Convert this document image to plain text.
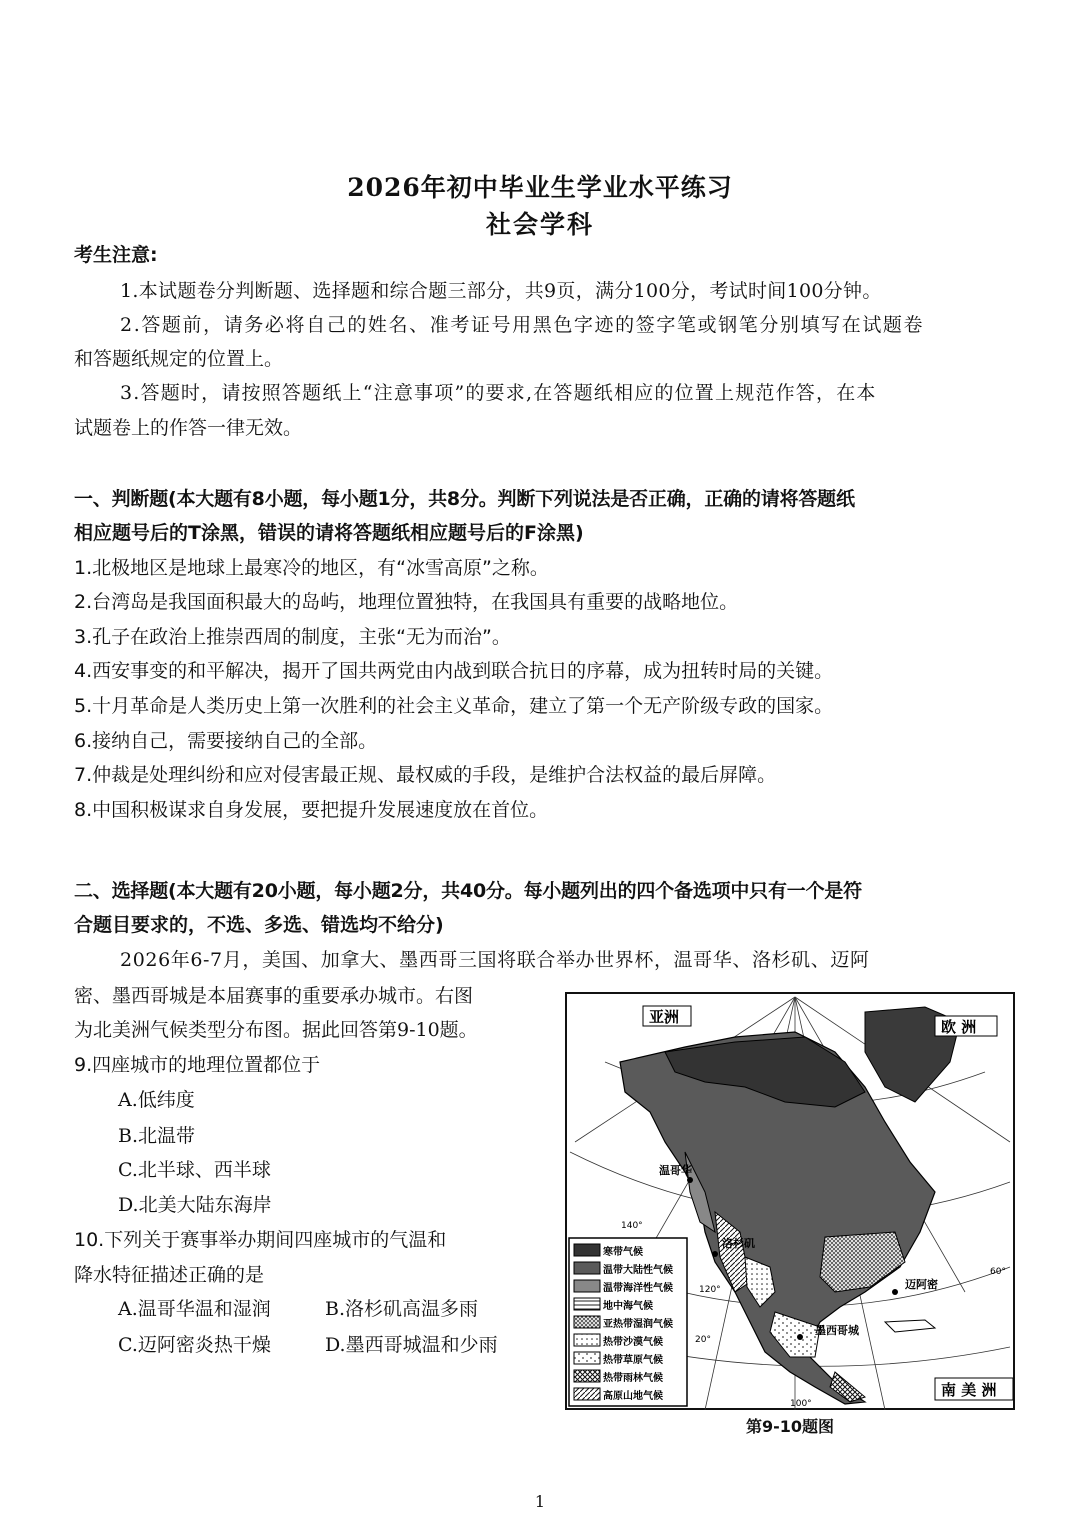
2026年初中毕业生学业水平练习
社会学科
考生注意:
1.本试题卷分判断题、选择题和综合题三部分，共9页，满分100分，考试时间100分钟。
2.答题前，请务必将自己的姓名、准考证号用黑色字迹的签字笔或钢笔分别填写在试题卷
和答题纸规定的位置上。
3.答题时，请按照答题纸上“注意事项”的要求,在答题纸相应的位置上规范作答，在本
试题卷上的作答一律无效。
一、判断题(本大题有8小题，每小题1分，共8分。判断下列说法是否正确，正确的请将答题纸
相应题号后的T涂黑，错误的请将答题纸相应题号后的F涂黑)
1.北极地区是地球上最寒冷的地区，有“冰雪高原”之称。
2.台湾岛是我国面积最大的岛屿，地理位置独特，在我国具有重要的战略地位。
3.孔子在政治上推崇西周的制度，主张“无为而治”。
4.西安事变的和平解决，揭开了国共两党由内战到联合抗日的序幕，成为扭转时局的关键。
5.十月革命是人类历史上第一次胜利的社会主义革命，建立了第一个无产阶级专政的国家。
6.接纳自己，需要接纳自己的全部。
7.仲裁是处理纠纷和应对侵害最正规、最权威的手段，是维护合法权益的最后屏障。
8.中国积极谋求自身发展，要把提升发展速度放在首位。
二、选择题(本大题有20小题，每小题2分，共40分。每小题列出的四个备选项中只有一个是符
合题目要求的，不选、多选、错选均不给分)
2026年6-7月，美国、加拿大、墨西哥三国将联合举办世界杯，温哥华、洛杉矶、迈阿
密、墨西哥城是本届赛事的重要承办城市。右图
为北美洲气候类型分布图。据此回答第9-10题。
9.四座城市的地理位置都位于
A.低纬度
B.北温带
C.北半球、西半球
D.北美大陆东海岸
10.下列关于赛事举办期间四座城市的气温和
降水特征描述正确的是
A.温哥华温和湿润	B.洛杉矶高温多雨
C.迈阿密炎热干燥	D.墨西哥城温和少雨
亚洲
欧 洲
南 美 洲
温哥华
洛杉矶
迈阿密
墨西哥城
140°
120°
100°
20°
60°
寒带气候
温带大陆性气候
温带海洋性气候
地中海气候
亚热带湿润气候
热带沙漠气候
热带草原气候
热带雨林气候
高原山地气候
第9-10题图
1
